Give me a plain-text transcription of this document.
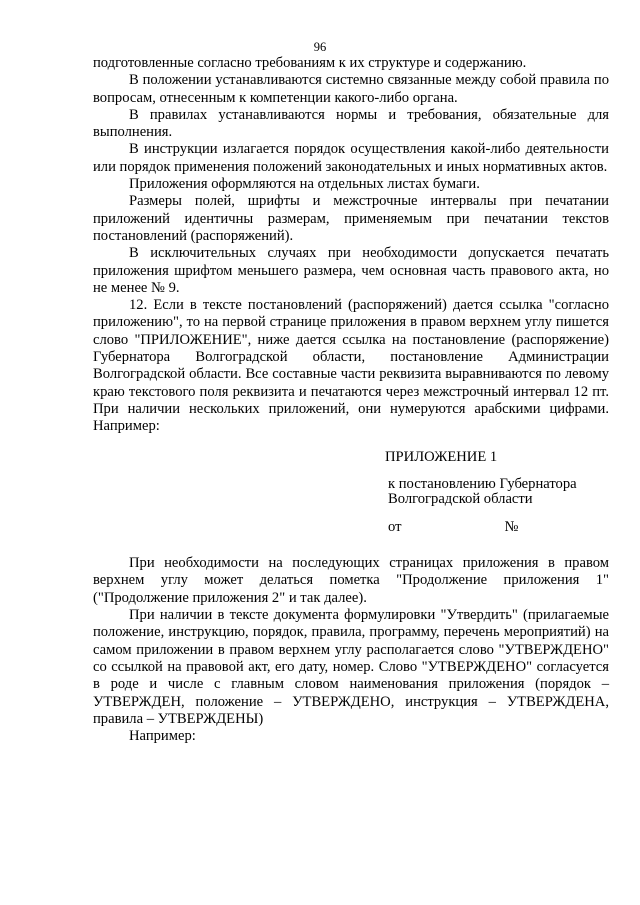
96

подготовленные согласно требованиям к их структуре и содержанию.

В положении устанавливаются системно связанные между собой правила по вопросам, отнесенным к компетенции какого-либо органа.

В правилах устанавливаются нормы и требования, обязательные для выполнения.

В инструкции излагается порядок осуществления какой-либо деятельности или порядок применения положений законодательных и иных нормативных актов.

Приложения оформляются на отдельных листах бумаги.

Размеры полей, шрифты и межстрочные интервалы при печатании приложений идентичны размерам, применяемым при печатании текстов постановлений (распоряжений).

В исключительных случаях при необходимости допускается печатать приложения шрифтом меньшего размера, чем основная часть правового акта, но не менее № 9.

12. Если в тексте постановлений (распоряжений) дается ссылка "согласно приложению", то на первой странице приложения в правом верхнем углу пишется слово "ПРИЛОЖЕНИЕ", ниже дается ссылка на постановление (распоряжение) Губернатора Волгоградской области, постановление Администрации Волгоградской области. Все составные части реквизита выравниваются по левому краю текстового поля реквизита и печатаются через межстрочный интервал 12 пт. При наличии нескольких приложений, они нумеруются арабскими цифрами. Например:

ПРИЛОЖЕНИЕ 1
к постановлению Губернатора
Волгоградской области
от	№

При необходимости на последующих страницах приложения в правом верхнем углу может делаться пометка "Продолжение приложения 1" ("Продолжение приложения 2" и так далее).

При наличии в тексте документа формулировки "Утвердить" (прилагаемые положение, инструкцию, порядок, правила, программу, перечень мероприятий) на самом приложении в правом верхнем углу располагается слово "УТВЕРЖДЕНО" со ссылкой на правовой акт, его дату, номер. Слово "УТВЕРЖДЕНО" согласуется в роде и числе с главным словом наименования приложения (порядок – УТВЕРЖДЕН, положение – УТВЕРЖДЕНО, инструкция – УТВЕРЖДЕНА, правила – УТВЕРЖДЕНЫ)

Например:
